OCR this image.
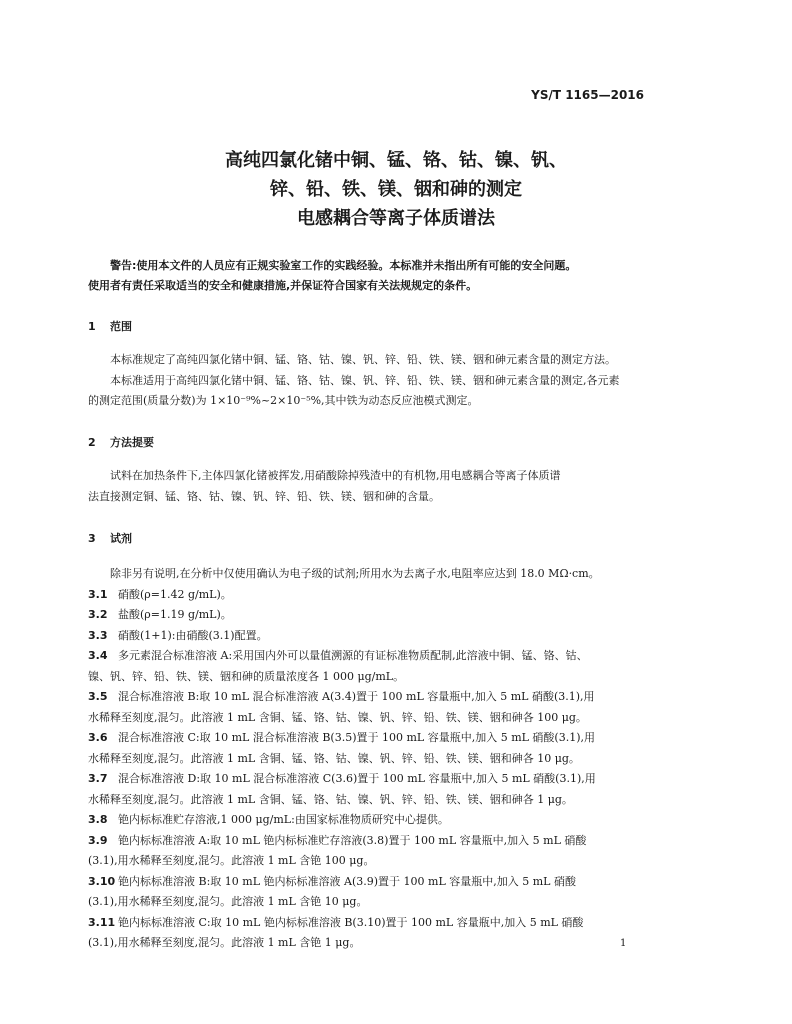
YS/T 1165—2016
高纯四氯化锗中铜、锰、铬、钴、镍、钒、
锌、铅、铁、镁、铟和砷的测定
电感耦合等离子体质谱法

警告:使用本文件的人员应有正规实验室工作的实践经验。本标准并未指出所有可能的安全问题。

使用者有责任采取适当的安全和健康措施,并保证符合国家有关法规规定的条件。

1 范围

本标准规定了高纯四氯化锗中铜、锰、铬、钴、镍、钒、锌、铅、铁、镁、铟和砷元素含量的测定方法。

本标准适用于高纯四氯化锗中铜、锰、铬、钴、镍、钒、锌、铅、铁、镁、铟和砷元素含量的测定,各元素

的测定范围(质量分数)为 1×10⁻⁹%~2×10⁻⁵%,其中铁为动态反应池模式测定。

2 方法提要

试料在加热条件下,主体四氯化锗被挥发,用硝酸除掉残渣中的有机物,用电感耦合等离子体质谱

法直接测定铜、锰、铬、钴、镍、钒、锌、铅、铁、镁、铟和砷的含量。

3 试剂

除非另有说明,在分析中仅使用确认为电子级的试剂;所用水为去离子水,电阻率应达到 18.0 MΩ·cm。

3.1 硝酸(ρ=1.42 g/mL)。

3.2 盐酸(ρ=1.19 g/mL)。

3.3 硝酸(1+1):由硝酸(3.1)配置。

3.4 多元素混合标准溶液 A:采用国内外可以量值溯源的有证标准物质配制,此溶液中铜、锰、铬、钴、

镍、钒、锌、铅、铁、镁、铟和砷的质量浓度各 1 000 μg/mL。

3.5 混合标准溶液 B:取 10 mL 混合标准溶液 A(3.4)置于 100 mL 容量瓶中,加入 5 mL 硝酸(3.1),用

水稀释至刻度,混匀。此溶液 1 mL 含铜、锰、铬、钴、镍、钒、锌、铅、铁、镁、铟和砷各 100 μg。

3.6 混合标准溶液 C:取 10 mL 混合标准溶液 B(3.5)置于 100 mL 容量瓶中,加入 5 mL 硝酸(3.1),用

水稀释至刻度,混匀。此溶液 1 mL 含铜、锰、铬、钴、镍、钒、锌、铅、铁、镁、铟和砷各 10 μg。

3.7 混合标准溶液 D:取 10 mL 混合标准溶液 C(3.6)置于 100 mL 容量瓶中,加入 5 mL 硝酸(3.1),用

水稀释至刻度,混匀。此溶液 1 mL 含铜、锰、铬、钴、镍、钒、锌、铅、铁、镁、铟和砷各 1 μg。

3.8 铯内标标准贮存溶液,1 000 μg/mL:由国家标准物质研究中心提供。

3.9 铯内标标准溶液 A:取 10 mL 铯内标标准贮存溶液(3.8)置于 100 mL 容量瓶中,加入 5 mL 硝酸

(3.1),用水稀释至刻度,混匀。此溶液 1 mL 含铯 100 μg。

3.10 铯内标标准溶液 B:取 10 mL 铯内标标准溶液 A(3.9)置于 100 mL 容量瓶中,加入 5 mL 硝酸

(3.1),用水稀释至刻度,混匀。此溶液 1 mL 含铯 10 μg。

3.11 铯内标标准溶液 C:取 10 mL 铯内标标准溶液 B(3.10)置于 100 mL 容量瓶中,加入 5 mL 硝酸

(3.1),用水稀释至刻度,混匀。此溶液 1 mL 含铯 1 μg。	1
